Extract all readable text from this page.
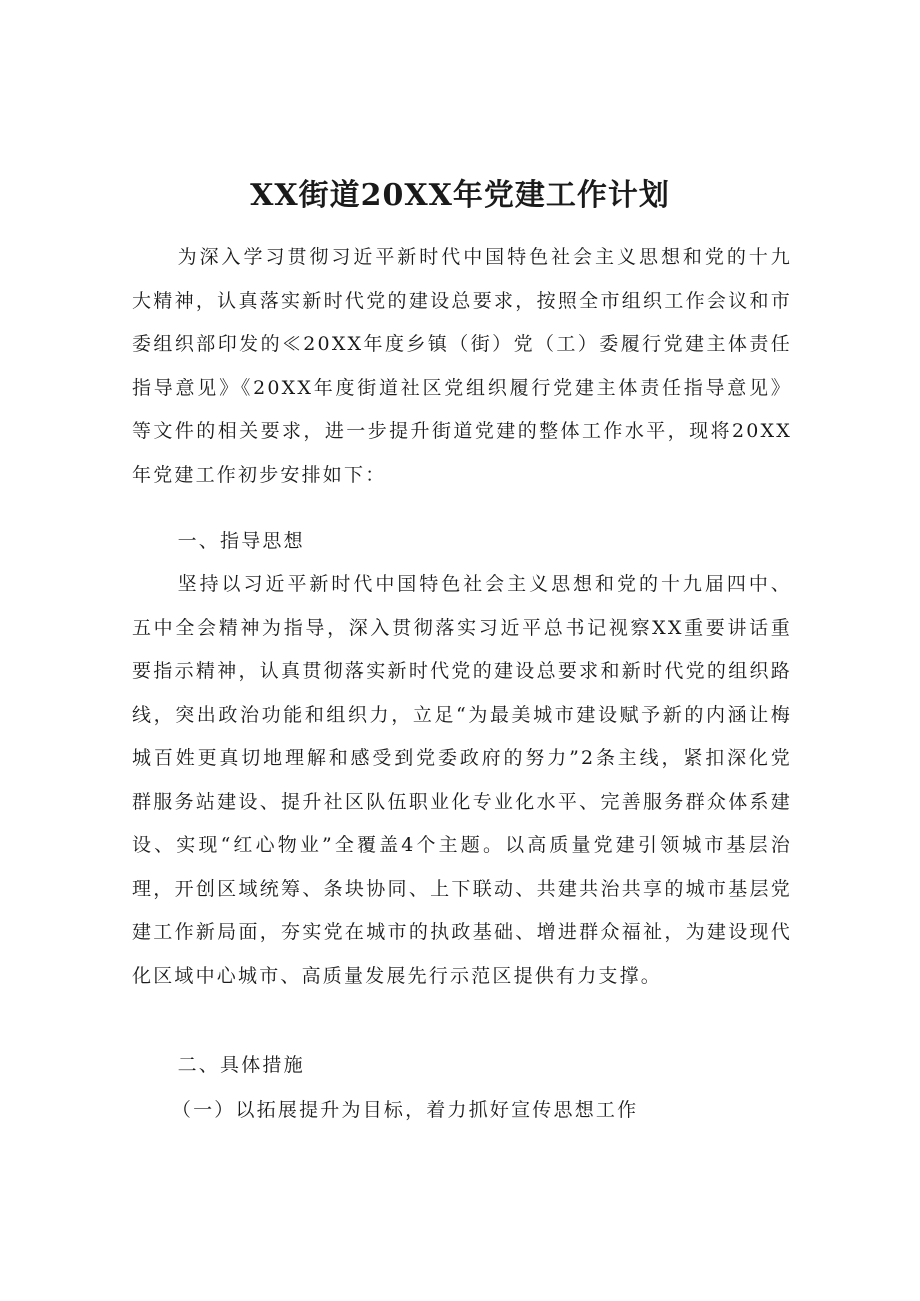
XX街道20XX年党建工作计划

为深入学习贯彻习近平新时代中国特色社会主义思想和党的十九大精神，认真落实新时代党的建设总要求，按照全市组织工作会议和市委组织部印发的≪20XX年度乡镇（街）党（工）委履行党建主体责任指导意见》《20XX年度街道社区党组织履行党建主体责任指导意见》等文件的相关要求，进一步提升街道党建的整体工作水平，现将20XX年党建工作初步安排如下：

一、指导思想

坚持以习近平新时代中国特色社会主义思想和党的十九届四中、五中全会精神为指导，深入贯彻落实习近平总书记视察XX重要讲话重要指示精神，认真贯彻落实新时代党的建设总要求和新时代党的组织路线，突出政治功能和组织力，立足“为最美城市建设赋予新的内涵让梅城百姓更真切地理解和感受到党委政府的努力”2条主线，紧扣深化党群服务站建设、提升社区队伍职业化专业化水平、完善服务群众体系建设、实现“红心物业”全覆盖4个主题。以高质量党建引领城市基层治理，开创区域统筹、条块协同、上下联动、共建共治共享的城市基层党建工作新局面，夯实党在城市的执政基础、增进群众福祉，为建设现代化区域中心城市、高质量发展先行示范区提供有力支撑。

二、具体措施

（一）以拓展提升为目标，着力抓好宣传思想工作
